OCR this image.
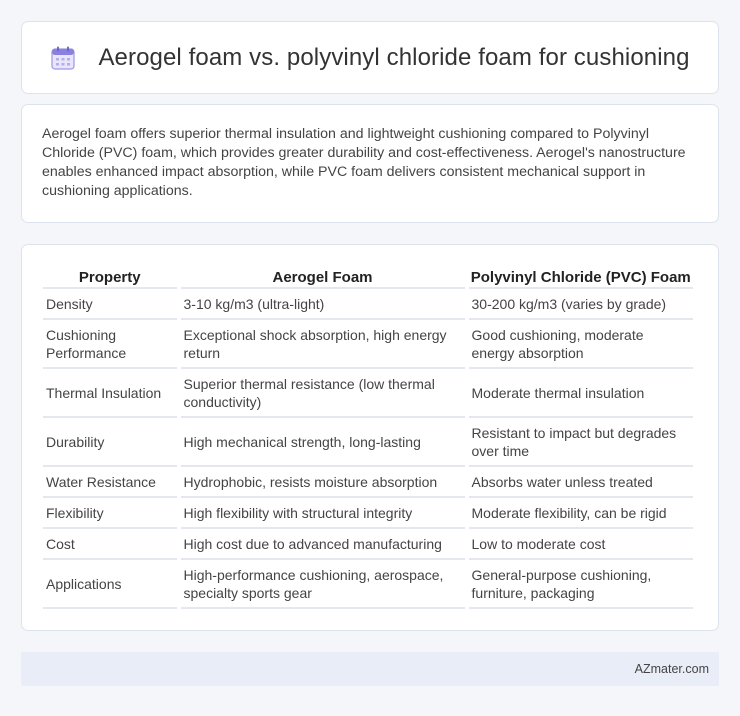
Aerogel foam vs. polyvinyl chloride foam for cushioning

Aerogel foam offers superior thermal insulation and lightweight cushioning compared to Polyvinyl Chloride (PVC) foam, which provides greater durability and cost-effectiveness. Aerogel's nanostructure enables enhanced impact absorption, while PVC foam delivers consistent mechanical support in cushioning applications.

Property	Aerogel Foam	Polyvinyl Chloride (PVC) Foam
Density	3-10 kg/m3 (ultra-light)	30-200 kg/m3 (varies by grade)
Cushioning Performance	Exceptional shock absorption, high energy return	Good cushioning, moderate energy absorption
Thermal Insulation	Superior thermal resistance (low thermal conductivity)	Moderate thermal insulation
Durability	High mechanical strength, long-lasting	Resistant to impact but degrades over time
Water Resistance	Hydrophobic, resists moisture absorption	Absorbs water unless treated
Flexibility	High flexibility with structural integrity	Moderate flexibility, can be rigid
Cost	High cost due to advanced manufacturing	Low to moderate cost
Applications	High-performance cushioning, aerospace, specialty sports gear	General-purpose cushioning, furniture, packaging
AZmater.com
